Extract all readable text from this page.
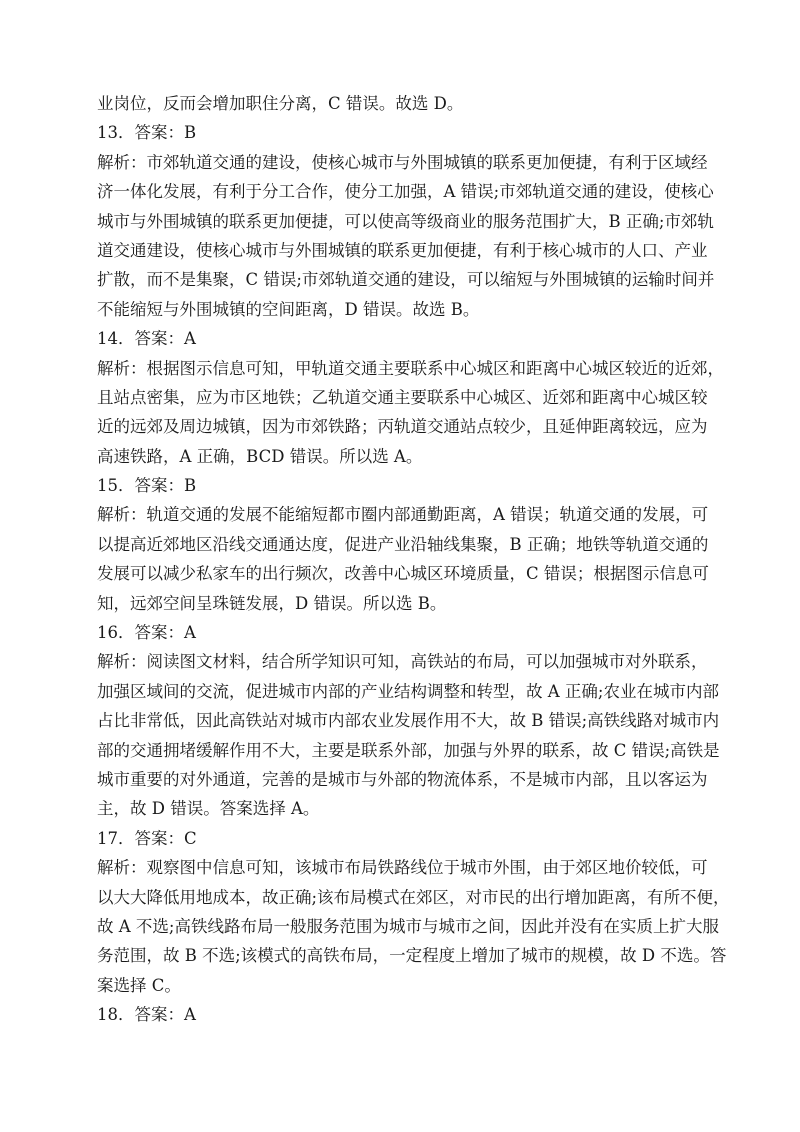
业岗位，反而会增加职住分离，C 错误。故选 D。
13．答案：B
解析：市郊轨道交通的建设，使核心城市与外围城镇的联系更加便捷，有利于区域经
济一体化发展，有利于分工合作，使分工加强，A 错误;市郊轨道交通的建设，使核心
城市与外围城镇的联系更加便捷，可以使高等级商业的服务范围扩大，B 正确;市郊轨
道交通建设，使核心城市与外围城镇的联系更加便捷，有利于核心城市的人口、产业
扩散，而不是集聚，C 错误;市郊轨道交通的建设，可以缩短与外围城镇的运输时间并
不能缩短与外围城镇的空间距离，D 错误。故选 B。
14．答案：A
解析：根据图示信息可知，甲轨道交通主要联系中心城区和距离中心城区较近的近郊，
且站点密集，应为市区地铁；乙轨道交通主要联系中心城区、近郊和距离中心城区较
近的远郊及周边城镇，因为市郊铁路；丙轨道交通站点较少，且延伸距离较远，应为
高速铁路，A 正确，BCD 错误。所以选 A。
15．答案：B
解析：轨道交通的发展不能缩短都市圈内部通勤距离，A 错误；轨道交通的发展，可
以提高近郊地区沿线交通通达度，促进产业沿轴线集聚，B 正确；地铁等轨道交通的
发展可以减少私家车的出行频次，改善中心城区环境质量，C 错误；根据图示信息可
知，远郊空间呈珠链发展，D 错误。所以选 B。
16．答案：A
解析：阅读图文材料，结合所学知识可知，高铁站的布局，可以加强城市对外联系，
加强区域间的交流，促进城市内部的产业结构调整和转型，故 A 正确;农业在城市内部
占比非常低，因此高铁站对城市内部农业发展作用不大，故 B 错误;高铁线路对城市内
部的交通拥堵缓解作用不大，主要是联系外部，加强与外界的联系，故 C 错误;高铁是
城市重要的对外通道，完善的是城市与外部的物流体系，不是城市内部，且以客运为
主，故 D 错误。答案选择 A。
17．答案：C
解析：观察图中信息可知，该城市布局铁路线位于城市外围，由于郊区地价较低，可
以大大降低用地成本，故正确;该布局模式在郊区，对市民的出行增加距离，有所不便，
故 A 不选;高铁线路布局一般服务范围为城市与城市之间，因此并没有在实质上扩大服
务范围，故 B 不选;该模式的高铁布局，一定程度上增加了城市的规模，故 D 不选。答
案选择 C。
18．答案：A
